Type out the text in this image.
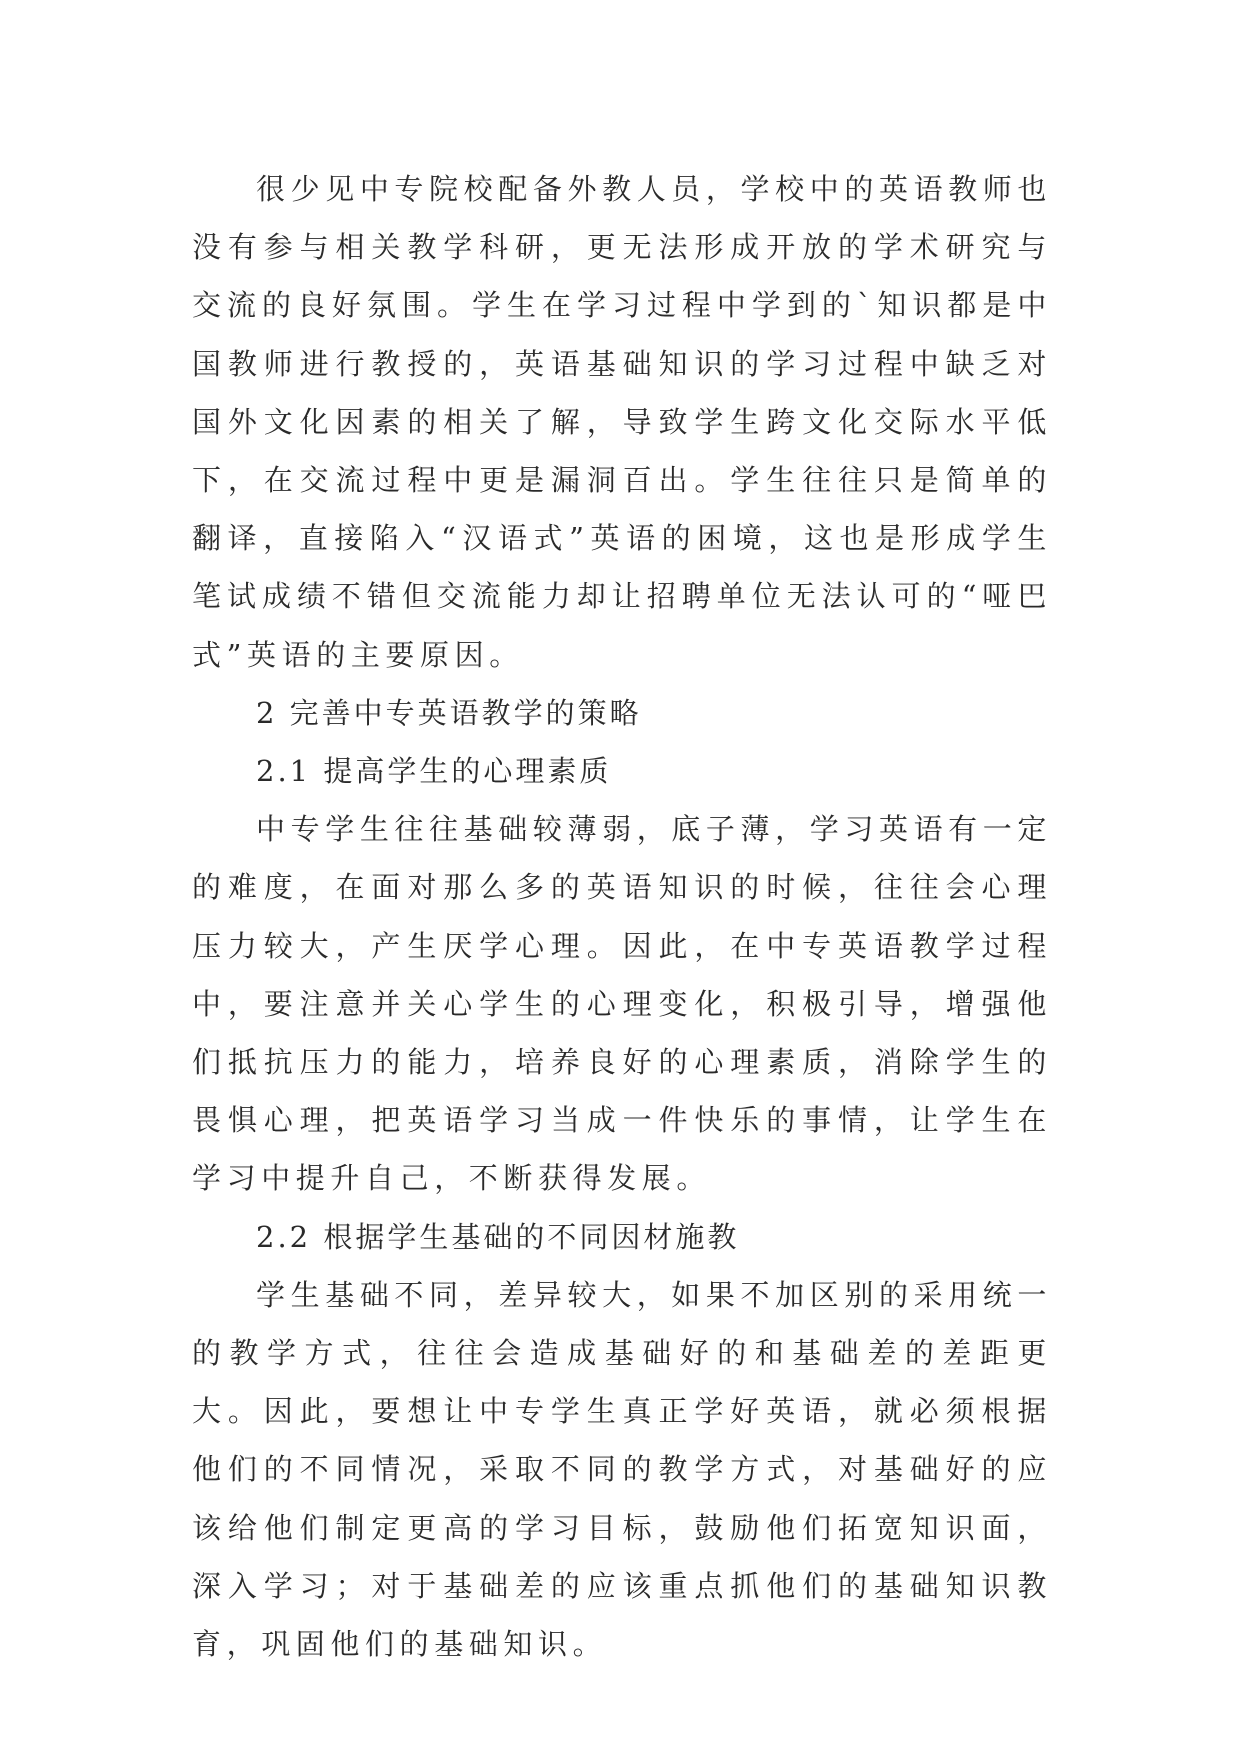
很少见中专院校配备外教人员，学校中的英语教师也没有参与相关教学科研，更无法形成开放的学术研究与交流的良好氛围。学生在学习过程中学到的`知识都是中国教师进行教授的，英语基础知识的学习过程中缺乏对国外文化因素的相关了解，导致学生跨文化交际水平低下，在交流过程中更是漏洞百出。学生往往只是简单的翻译，直接陷入“汉语式”英语的困境，这也是形成学生笔试成绩不错但交流能力却让招聘单位无法认可的“哑巴式”英语的主要原因。

2 完善中专英语教学的策略

2.1 提高学生的心理素质

中专学生往往基础较薄弱，底子薄，学习英语有一定的难度，在面对那么多的英语知识的时候，往往会心理压力较大，产生厌学心理。因此，在中专英语教学过程中，要注意并关心学生的心理变化，积极引导，增强他们抵抗压力的能力，培养良好的心理素质，消除学生的畏惧心理，把英语学习当成一件快乐的事情，让学生在学习中提升自己，不断获得发展。

2.2 根据学生基础的不同因材施教

学生基础不同，差异较大，如果不加区别的采用统一的教学方式，往往会造成基础好的和基础差的差距更大。因此，要想让中专学生真正学好英语，就必须根据他们的不同情况，采取不同的教学方式，对基础好的应该给他们制定更高的学习目标，鼓励他们拓宽知识面，深入学习；对于基础差的应该重点抓他们的基础知识教育，巩固他们的基础知识。
